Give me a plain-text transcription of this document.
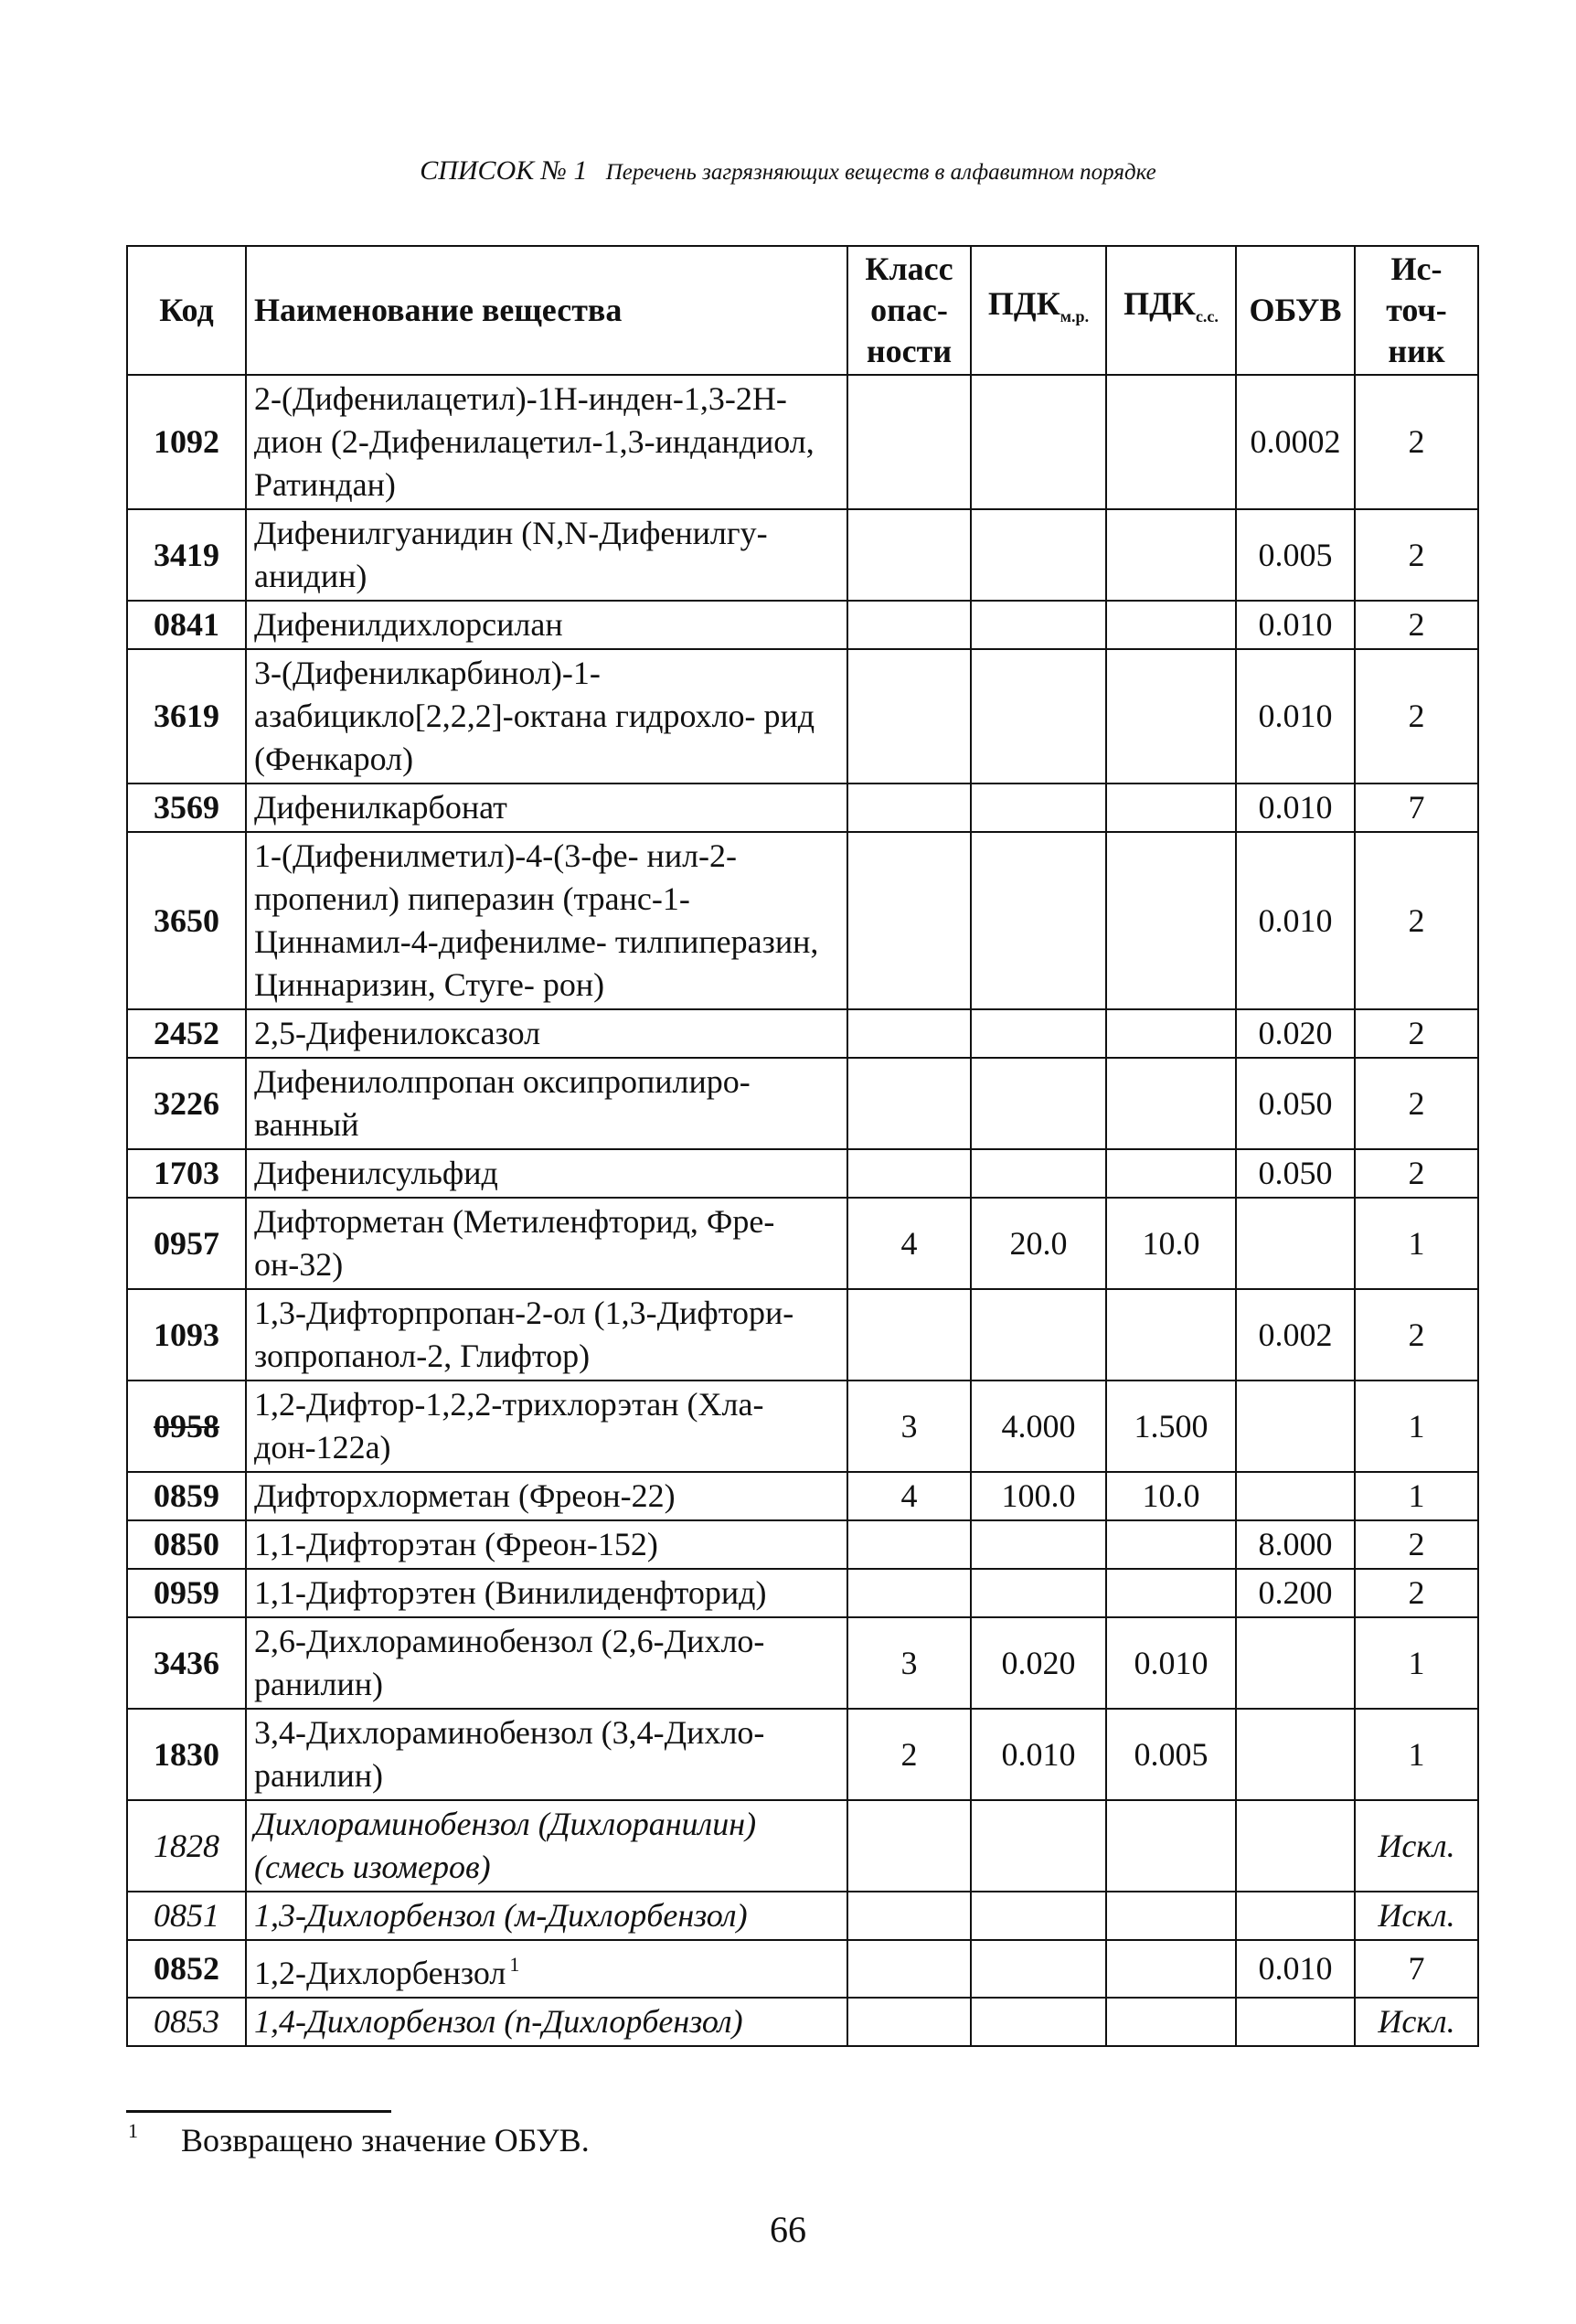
СПИСОК № 1 Перечень загрязняющих веществ в алфавитном порядке
Код	Наименование вещества	Класс опас- ности	$ПДК_{м.р.}$	$ПДК_{с.с.}$	ОБУВ	Ис- точ- ник
1092	2-(Дифенилацетил)-1Н-инден-1,3-2Н-дион (2-Дифенилацетил-1,3-индандиол, Ратиндан)				0.0002	2
3419	Дифенилгуанидин (N,N-Дифенилгу- анидин)				0.005	2
0841	Дифенилдихлорсилан				0.010	2
3619	3-(Дифенилкарбинол)-1-азабицикло[2,2,2]-октана гидрохло- рид (Фенкарол)				0.010	2
3569	Дифенилкарбонат				0.010	7
3650	1-(Дифенилметил)-4-(3-фе- нил-2-пропенил) пиперазин (транс-1-Циннамил-4-дифенилме- тилпиперазин, Циннаризин, Стуге- рон)				0.010	2
2452	2,5-Дифенилоксазол				0.020	2
3226	Дифенилолпропан оксипропилиро- ванный				0.050	2
1703	Дифенилсульфид				0.050	2
0957	Дифторметан (Метиленфторид, Фре- он-32)	4	20.0	10.0		1
1093	1,3-Дифторпропан-2-ол (1,3-Дифтори- зопропанол-2, Глифтор)				0.002	2
0958	1,2-Дифтор-1,2,2-трихлорэтан (Хла- дон-122а)	3	4.000	1.500		1
0859	Дифторхлорметан (Фреон-22)	4	100.0	10.0		1
0850	1,1-Дифторэтан (Фреон-152)				8.000	2
0959	1,1-Дифторэтен (Винилиденфторид)				0.200	2
3436	2,6-Дихлораминобензол (2,6-Дихло- ранилин)	3	0.020	0.010		1
1830	3,4-Дихлораминобензол (3,4-Дихло- ранилин)	2	0.010	0.005		1
1828	Дихлораминобензол (Дихлоранилин) (смесь изомеров)					Искл.
0851	1,3-Дихлорбензол (м-Дихлорбензол)					Искл.
0852	1,2-Дихлорбензол $^1$				0.010	7
0853	1,4-Дихлорбензол (п-Дихлорбензол)					Искл.
1 Возвращено значение ОБУВ.
66
